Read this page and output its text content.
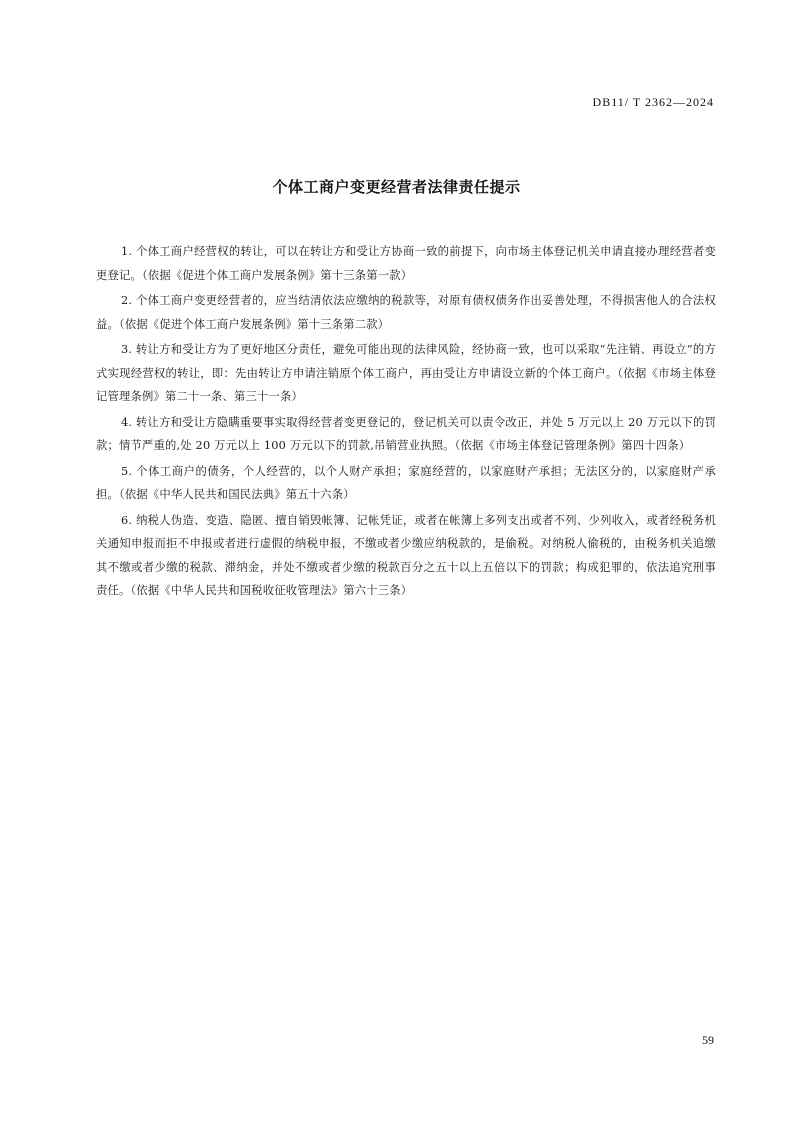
DB11/ T 2362—2024
个体工商户变更经营者法律责任提示

1. 个体工商户经营权的转让，可以在转让方和受让方协商一致的前提下，向市场主体登记机关申请直接办理经营者变更登记。（依据《促进个体工商户发展条例》第十三条第一款）

2. 个体工商户变更经营者的，应当结清依法应缴纳的税款等，对原有债权债务作出妥善处理，不得损害他人的合法权益。（依据《促进个体工商户发展条例》第十三条第二款）

3. 转让方和受让方为了更好地区分责任，避免可能出现的法律风险，经协商一致，也可以采取“先注销、再设立”的方式实现经营权的转让，即：先由转让方申请注销原个体工商户，再由受让方申请设立新的个体工商户。（依据《市场主体登记管理条例》第二十一条、第三十一条）

4. 转让方和受让方隐瞒重要事实取得经营者变更登记的，登记机关可以责令改正，并处 5 万元以上 20 万元以下的罚款；情节严重的,处 20 万元以上 100 万元以下的罚款,吊销营业执照。（依据《市场主体登记管理条例》第四十四条）

5. 个体工商户的债务，个人经营的，以个人财产承担；家庭经营的，以家庭财产承担；无法区分的，以家庭财产承担。（依据《中华人民共和国民法典》第五十六条）

6. 纳税人伪造、变造、隐匿、擅自销毁帐簿、记帐凭证，或者在帐簿上多列支出或者不列、少列收入，或者经税务机关通知申报而拒不申报或者进行虚假的纳税申报，不缴或者少缴应纳税款的，是偷税。对纳税人偷税的，由税务机关追缴其不缴或者少缴的税款、滞纳金，并处不缴或者少缴的税款百分之五十以上五倍以下的罚款；构成犯罪的，依法追究刑事责任。（依据《中华人民共和国税收征收管理法》第六十三条）

59
